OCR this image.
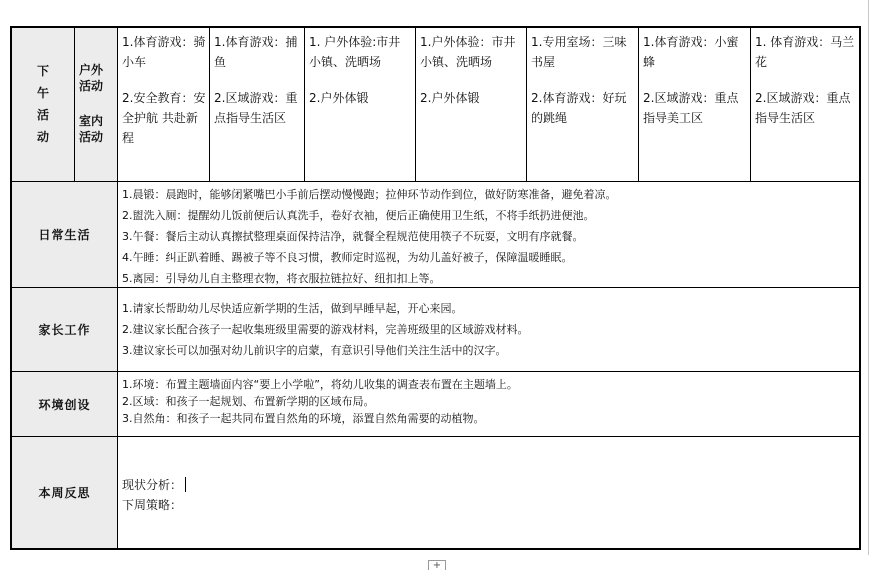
下午活动
户外活动
室内活动

1.体育游戏：骑小车

2.安全教育：安全护航 共赴新程

1.体育游戏：捕鱼

2.区域游戏：重点指导生活区

1. 户外体验:市井小镇、洗晒场

2.户外体锻

1.户外体验：市井小镇、洗晒场

2.户外体锻

1.专用室场：三味书屋

2.体育游戏：好玩的跳绳

1.体育游戏：小蜜蜂

2.区域游戏：重点指导美工区

1. 体育游戏：马兰花

2.区域游戏：重点指导生活区

日常生活

1.晨锻：晨跑时，能够闭紧嘴巴小手前后摆动慢慢跑；拉伸环节动作到位，做好防寒准备，避免着凉。

2.盥洗入厕：提醒幼儿饭前便后认真洗手，卷好衣袖，便后正确使用卫生纸，不将手纸扔进便池。

3.午餐：餐后主动认真擦拭整理桌面保持洁净，就餐全程规范使用筷子不玩耍，文明有序就餐。

4.午睡：纠正趴着睡、踢被子等不良习惯，教师定时巡视，为幼儿盖好被子，保障温暖睡眠。

5.离园：引导幼儿自主整理衣物，将衣服拉链拉好、纽扣扣上等。

家长工作

1.请家长帮助幼儿尽快适应新学期的生活，做到早睡早起，开心来园。

2.建议家长配合孩子一起收集班级里需要的游戏材料，完善班级里的区域游戏材料。

3.建议家长可以加强对幼儿前识字的启蒙，有意识引导他们关注生活中的汉字。

环境创设

1.环境：布置主题墙面内容“要上小学啦”，将幼儿收集的调查表布置在主题墙上。

2.区域：和孩子一起规划、布置新学期的区域布局。

3.自然角：和孩子一起共同布置自然角的环境，添置自然角需要的动植物。

本周反思

现状分析：

下周策略：

+
